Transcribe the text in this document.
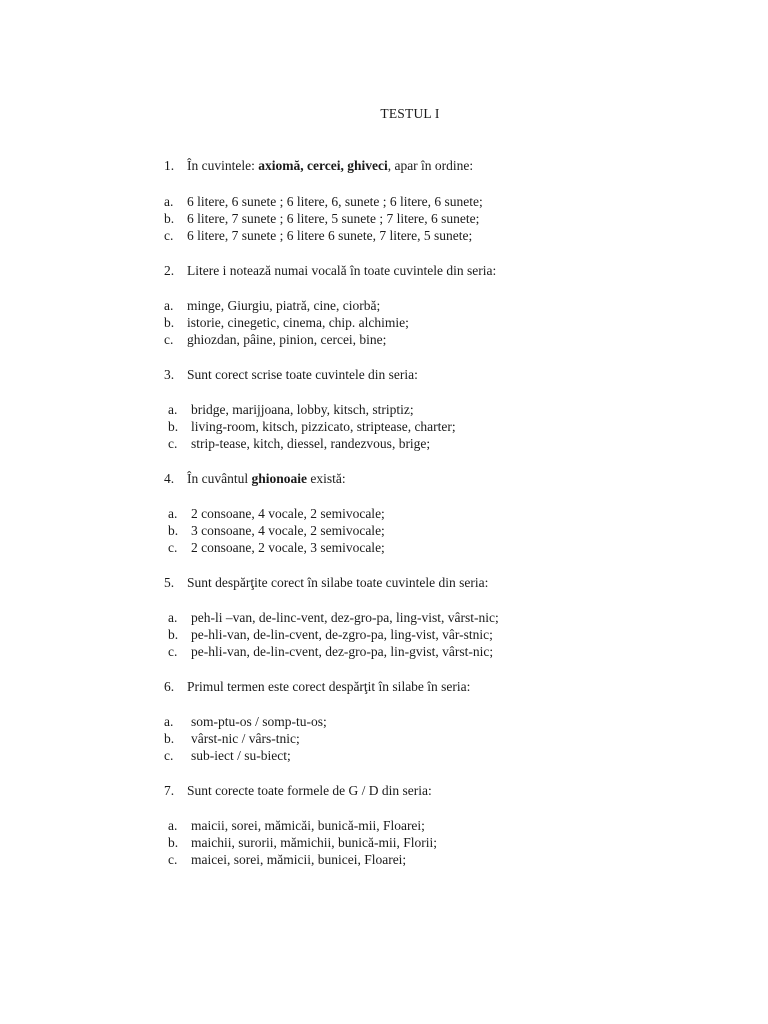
TESTUL I
1. În cuvintele: axiomă, cercei, ghiveci, apar în ordine:
a. 6 litere, 6 sunete ; 6 litere, 6, sunete ; 6 litere, 6 sunete;
b. 6 litere, 7 sunete ; 6 litere, 5 sunete ; 7 litere, 6 sunete;
c. 6 litere, 7 sunete ; 6 litere 6 sunete, 7 litere, 5 sunete;
2. Litere i notează numai vocală în toate cuvintele din seria:
a. minge, Giurgiu, piatră, cine, ciorbă;
b. istorie, cinegetic, cinema, chip. alchimie;
c. ghiozdan, pâine, pinion, cercei, bine;
3. Sunt corect scrise toate cuvintele din seria:
a. bridge, marijjoana, lobby, kitsch, striptiz;
b. living-room, kitsch, pizzicato, striptease, charter;
c. strip-tease, kitch, diessel, randezvous, brige;
4. În cuvântul ghionoaie există:
a. 2 consoane, 4 vocale, 2 semivocale;
b. 3 consoane, 4 vocale, 2 semivocale;
c. 2 consoane, 2 vocale, 3 semivocale;
5. Sunt despărţite corect în silabe toate cuvintele din seria:
a. peh-li –van, de-linc-vent, dez-gro-pa, ling-vist, vârst-nic;
b. pe-hli-van, de-lin-cvent, de-zgro-pa, ling-vist, vâr-stnic;
c. pe-hli-van, de-lin-cvent, dez-gro-pa, lin-gvist, vârst-nic;
6. Primul termen este corect despărţit în silabe în seria:
a. som-ptu-os / somp-tu-os;
b. vârst-nic / vârs-tnic;
c. sub-iect / su-biect;
7. Sunt corecte toate formele de G / D din seria:
a. maicii, sorei, mămicăi, bunică-mii, Floarei;
b. maichii, surorii, mămichii, bunică-mii, Florii;
c. maicei, sorei, mămicii, bunicei, Floarei;
